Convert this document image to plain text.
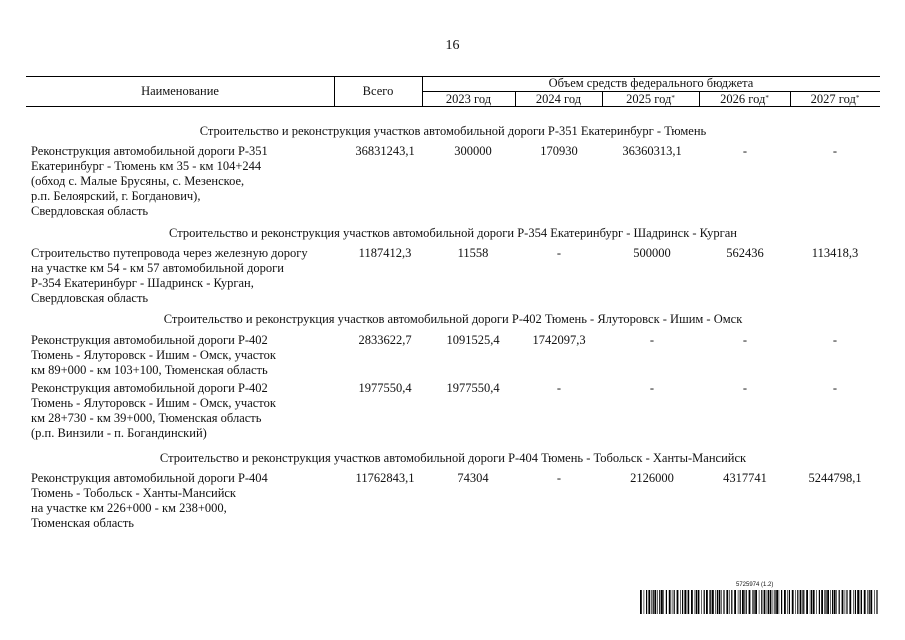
16
Наименование	Всего
Объем средств федерального бюджета
2023 год	2024 год	2025 год*	2026 год*	2027 год*
Строительство и реконструкция участков автомобильной дороги Р-351 Екатеринбург - Тюмень
Реконструкция автомобильной дороги Р-351
Екатеринбург - Тюмень км 35 - км 104+244
(обход с. Малые Брусяны, с. Мезенское,
р.п. Белоярский, г. Богданович),
Свердловская область
36831243,1	300000	170930	36360313,1	-	-
Строительство и реконструкция участков автомобильной дороги Р-354 Екатеринбург - Шадринск - Курган
Строительство путепровода через железную дорогу
на участке км 54 - км 57 автомобильной дороги
Р-354 Екатеринбург - Шадринск - Курган,
Свердловская область
1187412,3	11558	-	500000	562436	113418,3
Строительство и реконструкция участков автомобильной дороги Р-402 Тюмень - Ялуторовск - Ишим - Омск
Реконструкция автомобильной дороги Р-402
Тюмень - Ялуторовск - Ишим - Омск, участок
км 89+000 - км 103+100, Тюменская область
2833622,7	1091525,4	1742097,3	-	-	-
Реконструкция автомобильной дороги Р-402
Тюмень - Ялуторовск - Ишим - Омск, участок
км 28+730 - км 39+000, Тюменская область
(р.п. Винзили - п. Богандинский)
1977550,4	1977550,4	-	-	-	-
Строительство и реконструкция участков автомобильной дороги Р-404 Тюмень - Тобольск - Ханты-Мансийск
Реконструкция автомобильной дороги Р-404
Тюмень - Тобольск - Ханты-Мансийск
на участке км 226+000 - км 238+000,
Тюменская область
11762843,1	74304	-	2126000	4317741	5244798,1
5725974 (1.2)
